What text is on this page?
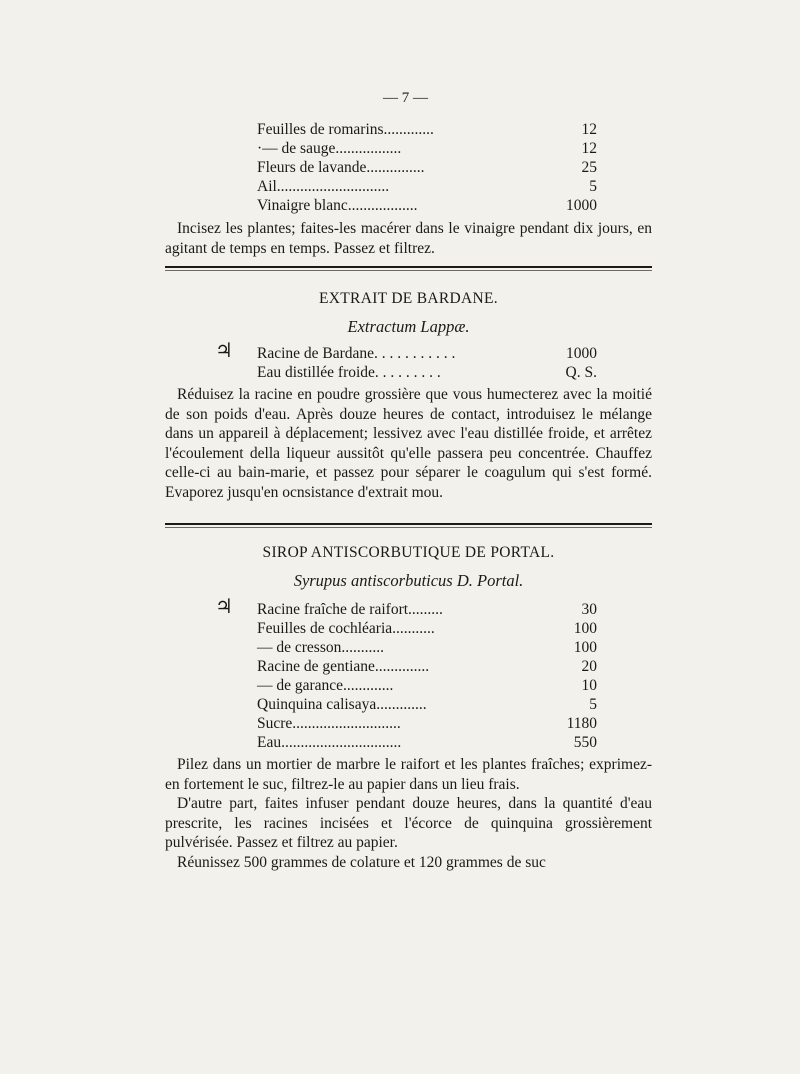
— 7 —
Feuilles de romarins.............	12
·— de sauge.................	12
Fleurs de lavande...............	25
Ail.............................	5
Vinaigre blanc..................	1000

Incisez les plantes; faites-les macérer dans le vinaigre pendant dix jours, en agitant de temps en temps. Passez et filtrez.

EXTRAIT DE BARDANE.
Extractum Lappæ.
♃ Racine de Bardane. . . . . . . . . . .	1000
Eau distillée froide. . . . . . . . .	Q. S.

Réduisez la racine en poudre grossière que vous humecterez avec la moitié de son poids d'eau. Après douze heures de contact, introduisez le mélange dans un appareil à déplacement; lessivez avec l'eau distillée froide, et arrêtez l'écoulement della liqueur aussitôt qu'elle passera peu concentrée. Chauffez celle-ci au bain-marie, et passez pour séparer le coagulum qui s'est formé. Evaporez jusqu'en ocnsistance d'extrait mou.

SIROP ANTISCORBUTIQUE DE PORTAL.
Syrupus antiscorbuticus D. Portal.
♃ Racine fraîche de raifort.........	30
Feuilles de cochléaria...........	100
— de cresson...........	100
Racine de gentiane..............	20
— de garance.............	10
Quinquina calisaya.............	5
Sucre............................	1180
Eau...............................	550

Pilez dans un mortier de marbre le raifort et les plantes fraîches; exprimez-en fortement le suc, filtrez-le au papier dans un lieu frais.

D'autre part, faites infuser pendant douze heures, dans la quantité d'eau prescrite, les racines incisées et l'écorce de quinquina grossièrement pulvérisée. Passez et filtrez au papier.

Réunissez 500 grammes de colature et 120 grammes de suc
